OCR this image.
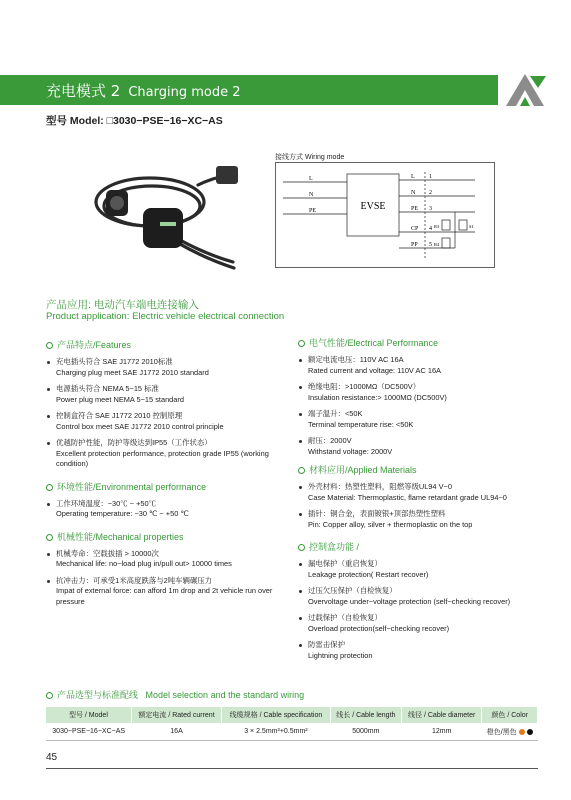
充电模式 2 Charging mode 2
型号 Model: □3030−PSE−16−XC−AS
接线方式 Wiring mode
EVSE
L
N
PE
L
N
PE
CP
PP
1
2
3
4
5
R3	S1
R4
产品应用: 电动汽车端电连接输入
Product application: Electric vehicle electrical connection
产品特点/Features
充电插头符合 SAE J1772 2010标准
Charging plug meet SAE J1772 2010 standard
电源插头符合 NEMA 5−15 标准
Power plug meet NEMA 5−15 standard
控制盒符合 SAE J1772 2010 控制原理
Control box meet SAE J1772 2010 control principle
优越防护性能，防护等级达到IP55（工作状态）
Excellent protection performance, protection grade IP55 (working condition)
环境性能/Environmental performance
工作环境温度：−30℃ ~ +50℃
Operating temperature: −30 ℃ ~ +50 ℃
机械性能/Mechanical properties
机械寿命：空载拔插 > 10000次
Mechanical life: no−load plug in/pull out> 10000 times
抗冲击力：可承受1米高度跌落与2吨车辆碾压力
Impat of external force: can afford 1m drop and 2t vehicle run over pressure
电气性能/Electrical Performance
额定电流电压：110V AC 16A
Rated current and voltage: 110V AC 16A
绝缘电阻：>1000MΩ（DC500V）
Insulation resistance:> 1000MΩ (DC500V)
端子温升：<50K
Terminal temperature rise: <50K
耐压：2000V
Withstand voltage: 2000V
材料应用/Applied Materials
外壳材料：热塑性塑料，阻燃等级UL94 V−0
Case Material: Thermoplastic, flame retardant grade UL94−0
插针：铜合金，表面镀银+顶部热塑性塑料
Pin: Copper alloy, silver + thermoplastic on the top
控制盒功能 /
漏电保护（重启恢复）
Leakage protection( Restart recover)
过压欠压保护（自检恢复）
Overvoltage under−voltage protection (self−checking recover)
过载保护（自检恢复）
Overload protection(self−checking recover)
防雷击保护
Lightning protection
产品选型与标准配线 Model selection and the standard wiring
型号 / Model	额定电流 / Rated current	线缆规格 / Cable specification	线长 / Cable length	线径 / Cable diameter	颜色 / Color
3030−PSE−16−XC−AS	16A	3 × 2.5mm²+0.5mm²	5000mm	12mm	橙色/黑色
45
